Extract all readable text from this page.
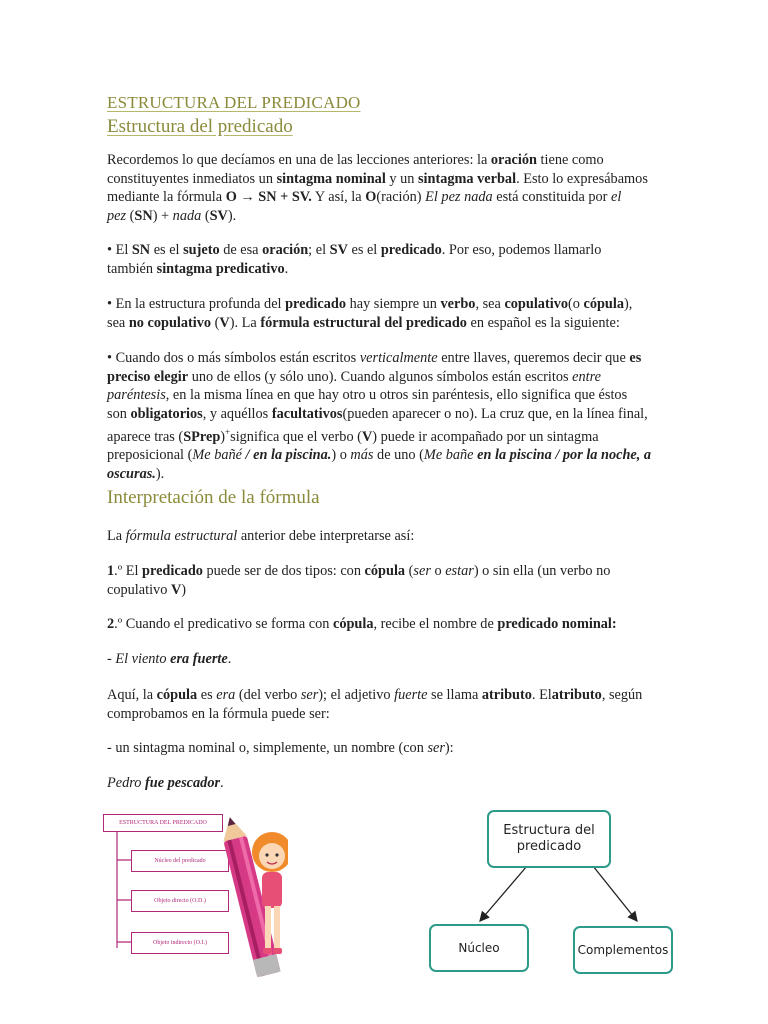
ESTRUCTURA DEL PREDICADO
Estructura del predicado
Recordemos lo que decíamos en una de las lecciones anteriores: la oración tiene como
constituyentes inmediatos un sintagma nominal y un sintagma verbal. Esto lo expresábamos
mediante la fórmula O → SN + SV. Y así, la O(ración) El pez nada está constituida por el
pez (SN) + nada (SV).
• El SN es el sujeto de esa oración; el SV es el predicado. Por eso, podemos llamarlo
también sintagma predicativo.
• En la estructura profunda del predicado hay siempre un verbo, sea copulativo(o cópula),
sea no copulativo (V). La fórmula estructural del predicado en español es la siguiente:
• Cuando dos o más símbolos están escritos verticalmente entre llaves, queremos decir que es
preciso elegir uno de ellos (y sólo uno). Cuando algunos símbolos están escritos entre
paréntesis, en la misma línea en que hay otro u otros sin paréntesis, ello significa que éstos
son obligatorios, y aquéllos facultativos(pueden aparecer o no). La cruz que, en la línea final,
aparece tras (SPrep)+significa que el verbo (V) puede ir acompañado por un sintagma
preposicional (Me bañé / en la piscina.) o más de uno (Me bañe en la piscina / por la noche, a
oscuras.).
Interpretación de la fórmula
La fórmula estructural anterior debe interpretarse así:
1.º El predicado puede ser de dos tipos: con cópula (ser o estar) o sin ella (un verbo no
copulativo V)
2.º Cuando el predicativo se forma con cópula, recibe el nombre de predicado nominal:
- El viento era fuerte.
Aquí, la cópula es era (del verbo ser); el adjetivo fuerte se llama atributo. Elatributo, según
comprobamos en la fórmula puede ser:
- un sintagma nominal o, simplemente, un nombre (con ser):
Pedro fue pescador.
ESTRUCTURA DEL PREDICADO
Núcleo del predicado
Objeto directo (O.D.)
Objeto indirecto (O.I.)
Estructura del predicado
Núcleo	Complementos
